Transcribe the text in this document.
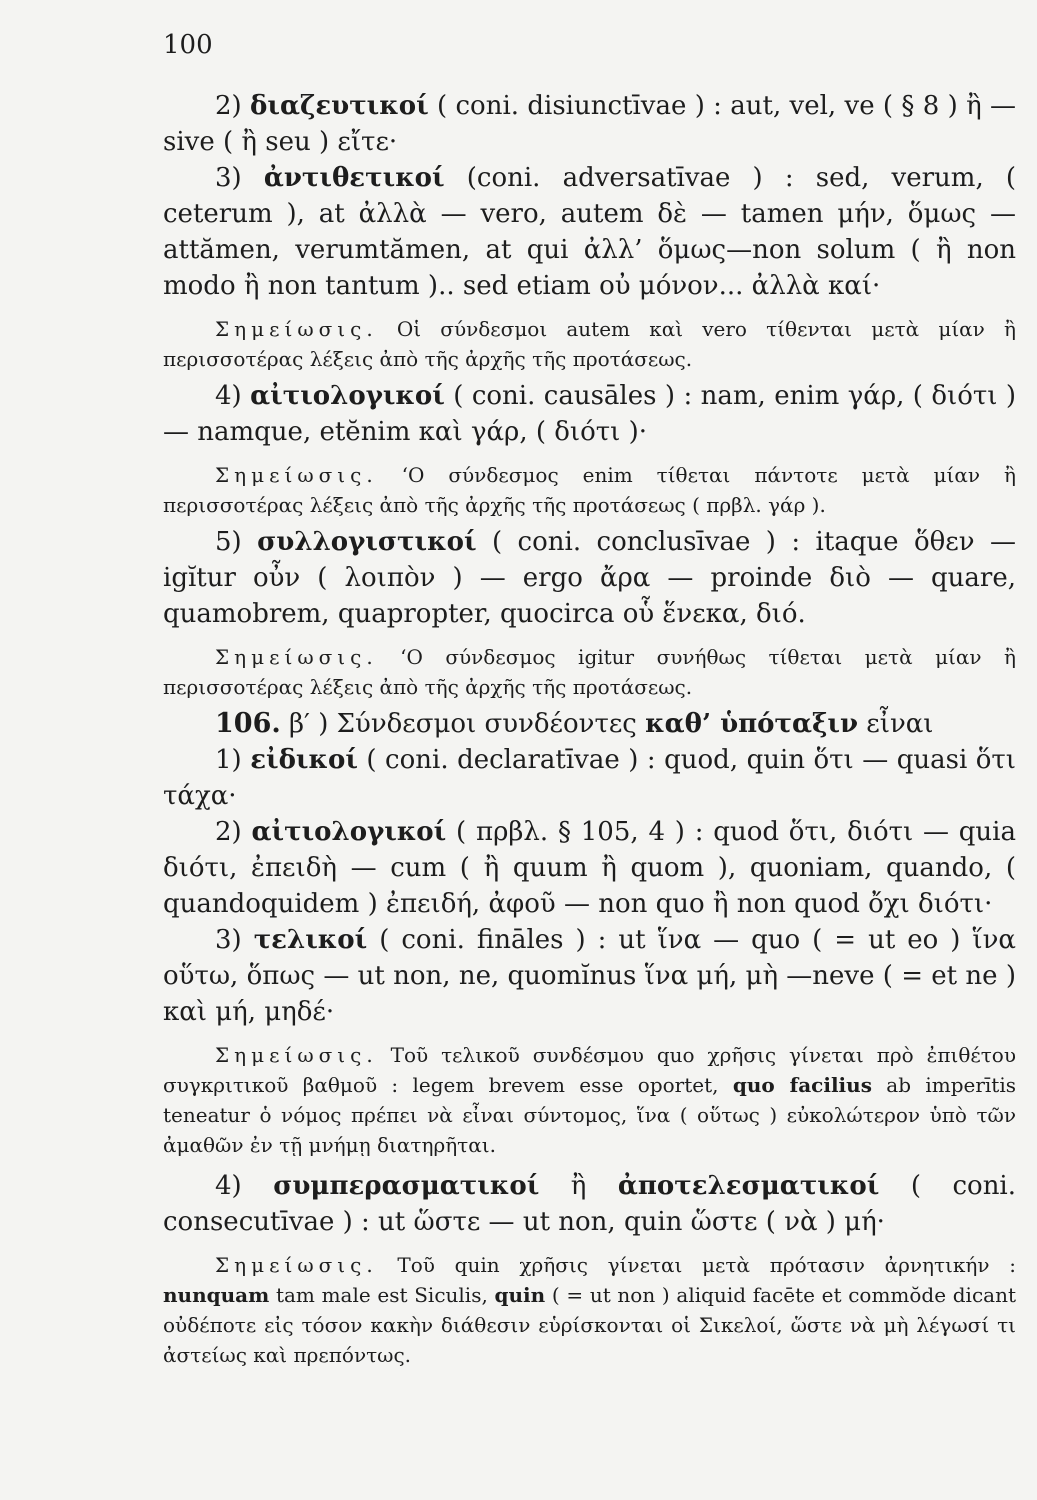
100

2) διαζευτικοί ( coni. disiunctīvae ) : aut, vel, ve ( § 8 ) ἢ —sive ( ἢ seu ) εἴτε·

3) ἀντιθετικοί (coni. adversatīvae ) : sed, verum, ( ceterum ), at ἀλλὰ — vero, autem δὲ — tamen μήν, ὅμως — attămen, verumtămen, at qui ἀλλ’ ὅμως—non solum ( ἢ non modo ἢ non tantum ).. sed etiam οὐ μόνον... ἀλλὰ καί·

Σημείωσις. Οἱ σύνδεσμοι autem καὶ vero τίθενται μετὰ μίαν ἢ περισσοτέρας λέξεις ἀπὸ τῆς ἀρχῆς τῆς προτάσεως.

4) αἰτιολογικοί ( coni. causāles ) : nam, enim γάρ, ( διότι ) — namque, etĕnim καὶ γάρ, ( διότι )·

Σημείωσις. ‘Ο σύνδεσμος enim τίθεται πάντοτε μετὰ μίαν ἢ περισσοτέρας λέξεις ἀπὸ τῆς ἀρχῆς τῆς προτάσεως ( πρβλ. γάρ ).

5) συλλογιστικοί ( coni. conclusīvae ) : itaque ὅθεν — igĭtur οὖν ( λοιπὸν ) — ergo ἄρα — proinde διὸ — quare, quamobrem, quapropter, quocirca οὗ ἕνεκα, διό.

Σημείωσις. ‘Ο σύνδεσμος igitur συνήθως τίθεται μετὰ μίαν ἢ περισσοτέρας λέξεις ἀπὸ τῆς ἀρχῆς τῆς προτάσεως.

106. β′ ) Σύνδεσμοι συνδέοντες καθ’ ὑπόταξιν εἶναι

1) εἰδικοί ( coni. declaratīvae ) : quod, quin ὅτι — quasi ὅτι τάχα·

2) αἰτιολογικοί ( πρβλ. § 105, 4 ) : quod ὅτι, διότι — quia διότι, ἐπειδὴ — cum ( ἢ quum ἢ quom ), quoniam, quando, ( quandoquidem ) ἐπειδή, ἀφοῦ — non quo ἢ non quod ὄχι διότι·

3) τελικοί ( coni. fināles ) : ut ἵνα — quo ( = ut eo ) ἵνα οὕτω, ὅπως — ut non, ne, quomĭnus ἵνα μή, μὴ —neve ( = et ne ) καὶ μή, μηδέ·

Σημείωσις. Τοῦ τελικοῦ συνδέσμου quo χρῆσις γίνεται πρὸ ἐπιθέτου συγκριτικοῦ βαθμοῦ : legem brevem esse oportet, quo facilius ab imperītis teneatur ὁ νόμος πρέπει νὰ εἶναι σύντομος, ἵνα ( οὕτως ) εὐκολώτερον ὑπὸ τῶν ἀμαθῶν ἐν τῇ μνήμῃ διατηρῆται.

4) συμπερασματικοί ἢ ἀποτελεσματικοί ( coni. consecutīvae ) : ut ὥστε — ut non, quin ὥστε ( νὰ ) μή·

Σημείωσις. Τοῦ quin χρῆσις γίνεται μετὰ πρότασιν ἀρνητικήν : nunquam tam male est Siculis, quin ( = ut non ) aliquid facēte et commŏde dicant οὐδέποτε εἰς τόσον κακὴν διάθεσιν εὑρίσκονται οἱ Σικελοί, ὥστε νὰ μὴ λέγωσί τι ἀστείως καὶ πρεπόντως.
